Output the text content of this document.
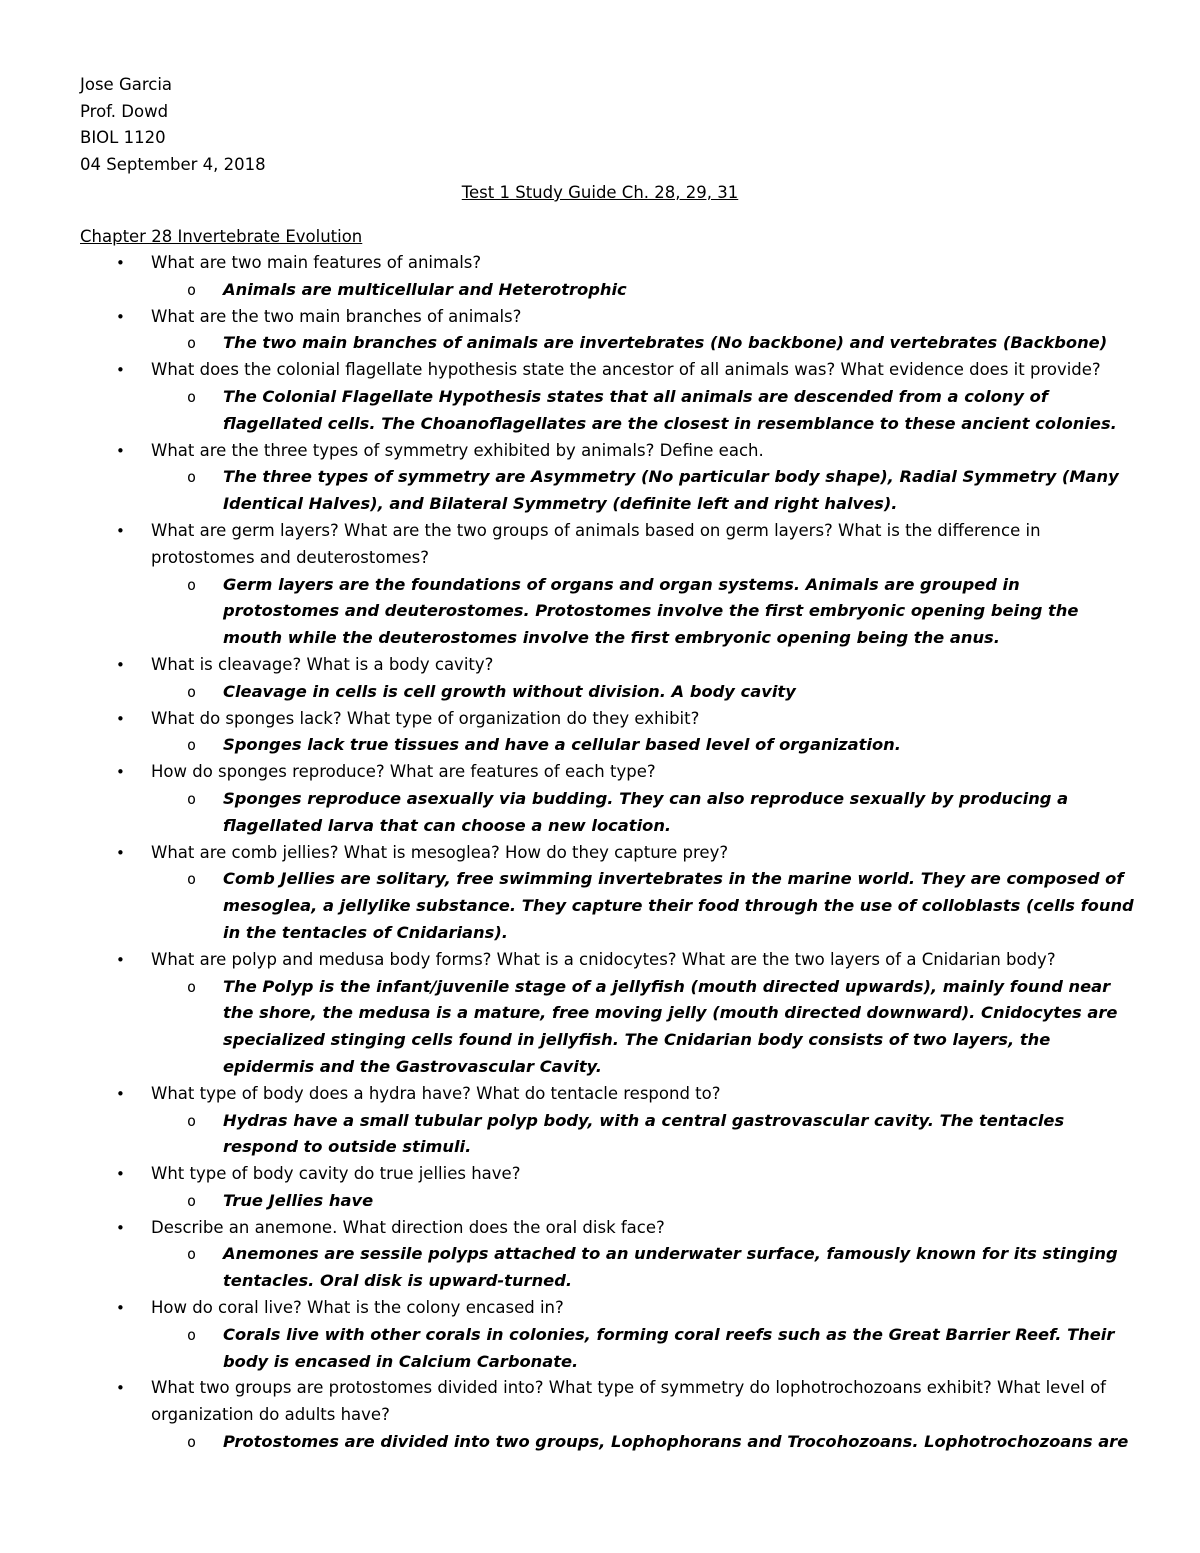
Jose Garcia
Prof. Dowd
BIOL 1120
04 September 4, 2018
Test 1 Study Guide Ch. 28, 29, 31
Chapter 28 Invertebrate Evolution
• What are two main features of animals?
o Animals are multicellular and Heterotrophic
• What are the two main branches of animals?
o The two main branches of animals are invertebrates (No backbone) and vertebrates (Backbone)
• What does the colonial flagellate hypothesis state the ancestor of all animals was? What evidence does it provide?
o The Colonial Flagellate Hypothesis states that all animals are descended from a colony of flagellated cells. The Choanoflagellates are the closest in resemblance to these ancient colonies.
• What are the three types of symmetry exhibited by animals? Define each.
o The three types of symmetry are Asymmetry (No particular body shape), Radial Symmetry (Many Identical Halves), and Bilateral Symmetry (definite left and right halves).
• What are germ layers? What are the two groups of animals based on germ layers? What is the difference in protostomes and deuterostomes?
o Germ layers are the foundations of organs and organ systems. Animals are grouped in protostomes and deuterostomes. Protostomes involve the first embryonic opening being the mouth while the deuterostomes involve the first embryonic opening being the anus.
• What is cleavage? What is a body cavity?
o Cleavage in cells is cell growth without division. A body cavity
• What do sponges lack? What type of organization do they exhibit?
o Sponges lack true tissues and have a cellular based level of organization.
• How do sponges reproduce? What are features of each type?
o Sponges reproduce asexually via budding. They can also reproduce sexually by producing a flagellated larva that can choose a new location.
• What are comb jellies? What is mesoglea? How do they capture prey?
o Comb Jellies are solitary, free swimming invertebrates in the marine world. They are composed of mesoglea, a jellylike substance. They capture their food through the use of colloblasts (cells found in the tentacles of Cnidarians).
• What are polyp and medusa body forms? What is a cnidocytes? What are the two layers of a Cnidarian body?
o The Polyp is the infant/juvenile stage of a jellyfish (mouth directed upwards), mainly found near the shore, the medusa is a mature, free moving jelly (mouth directed downward). Cnidocytes are specialized stinging cells found in jellyfish. The Cnidarian body consists of two layers, the epidermis and the Gastrovascular Cavity.
• What type of body does a hydra have? What do tentacle respond to?
o Hydras have a small tubular polyp body, with a central gastrovascular cavity. The tentacles respond to outside stimuli.
• Wht type of body cavity do true jellies have?
o True Jellies have
• Describe an anemone. What direction does the oral disk face?
o Anemones are sessile polyps attached to an underwater surface, famously known for its stinging tentacles. Oral disk is upward-turned.
• How do coral live? What is the colony encased in?
o Corals live with other corals in colonies, forming coral reefs such as the Great Barrier Reef. Their body is encased in Calcium Carbonate.
• What two groups are protostomes divided into? What type of symmetry do lophotrochozoans exhibit? What level of organization do adults have?
o Protostomes are divided into two groups, Lophophorans and Trocohozoans. Lophotrochozoans are
